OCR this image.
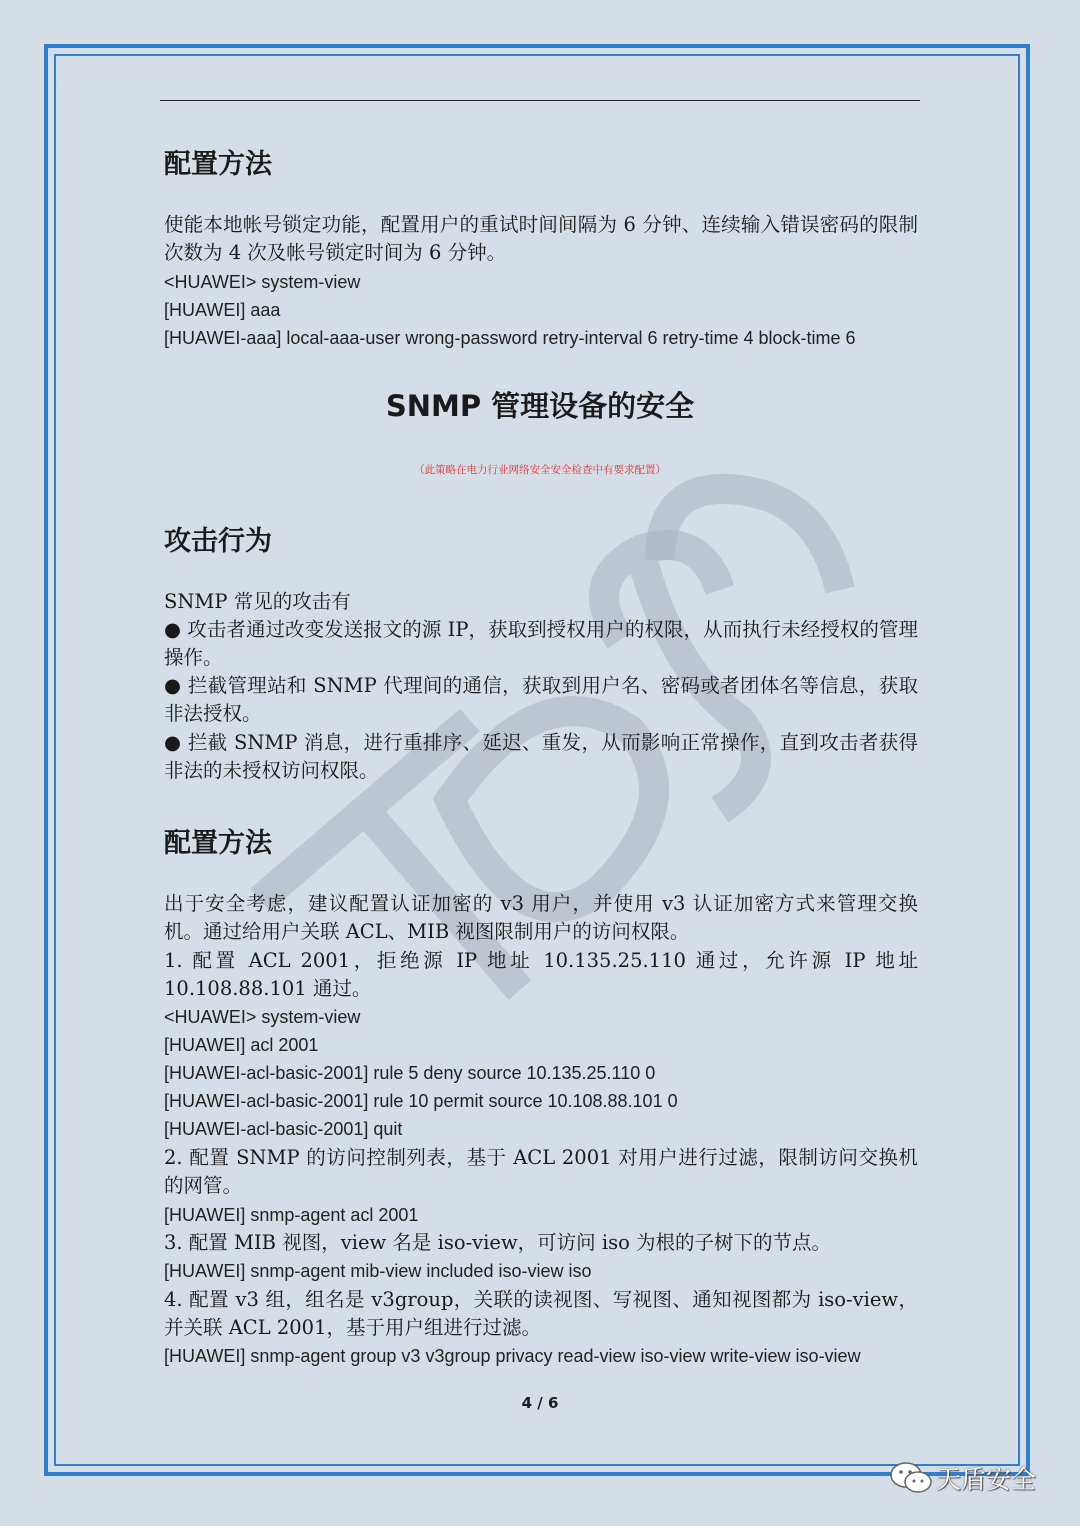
配置方法

使能本地帐号锁定功能，配置用户的重试时间间隔为 6 分钟、连续输入错误密码的限制次数为 4 次及帐号锁定时间为 6 分钟。

<HUAWEI> system-view
[HUAWEI] aaa
[HUAWEI-aaa] local-aaa-user wrong-password retry-interval 6 retry-time 4 block-time 6
SNMP 管理设备的安全

（此策略在电力行业网络安全安全检查中有要求配置）

攻击行为

SNMP 常见的攻击有

● 攻击者通过改变发送报文的源 IP，获取到授权用户的权限，从而执行未经授权的管理操作。

● 拦截管理站和 SNMP 代理间的通信，获取到用户名、密码或者团体名等信息，获取非法授权。

● 拦截 SNMP 消息，进行重排序、延迟、重发，从而影响正常操作，直到攻击者获得非法的未授权访问权限。

配置方法

出于安全考虑，建议配置认证加密的 v3 用户，并使用 v3 认证加密方式来管理交换机。通过给用户关联 ACL、MIB 视图限制用户的访问权限。

1. 配置 ACL 2001，拒绝源 IP 地址 10.135.25.110 通过，允许源 IP 地址 10.108.88.101 通过。

<HUAWEI> system-view
[HUAWEI] acl 2001
[HUAWEI-acl-basic-2001] rule 5 deny source 10.135.25.110 0
[HUAWEI-acl-basic-2001] rule 10 permit source 10.108.88.101 0
[HUAWEI-acl-basic-2001] quit

2. 配置 SNMP 的访问控制列表，基于 ACL 2001 对用户进行过滤，限制访问交换机的网管。

[HUAWEI] snmp-agent acl 2001

3. 配置 MIB 视图，view 名是 iso-view，可访问 iso 为根的子树下的节点。

[HUAWEI] snmp-agent mib-view included iso-view iso

4. 配置 v3 组，组名是 v3group，关联的读视图、写视图、通知视图都为 iso-view，并关联 ACL 2001，基于用户组进行过滤。

[HUAWEI] snmp-agent group v3 v3group privacy read-view iso-view write-view iso-view

4 / 6

天盾安全
